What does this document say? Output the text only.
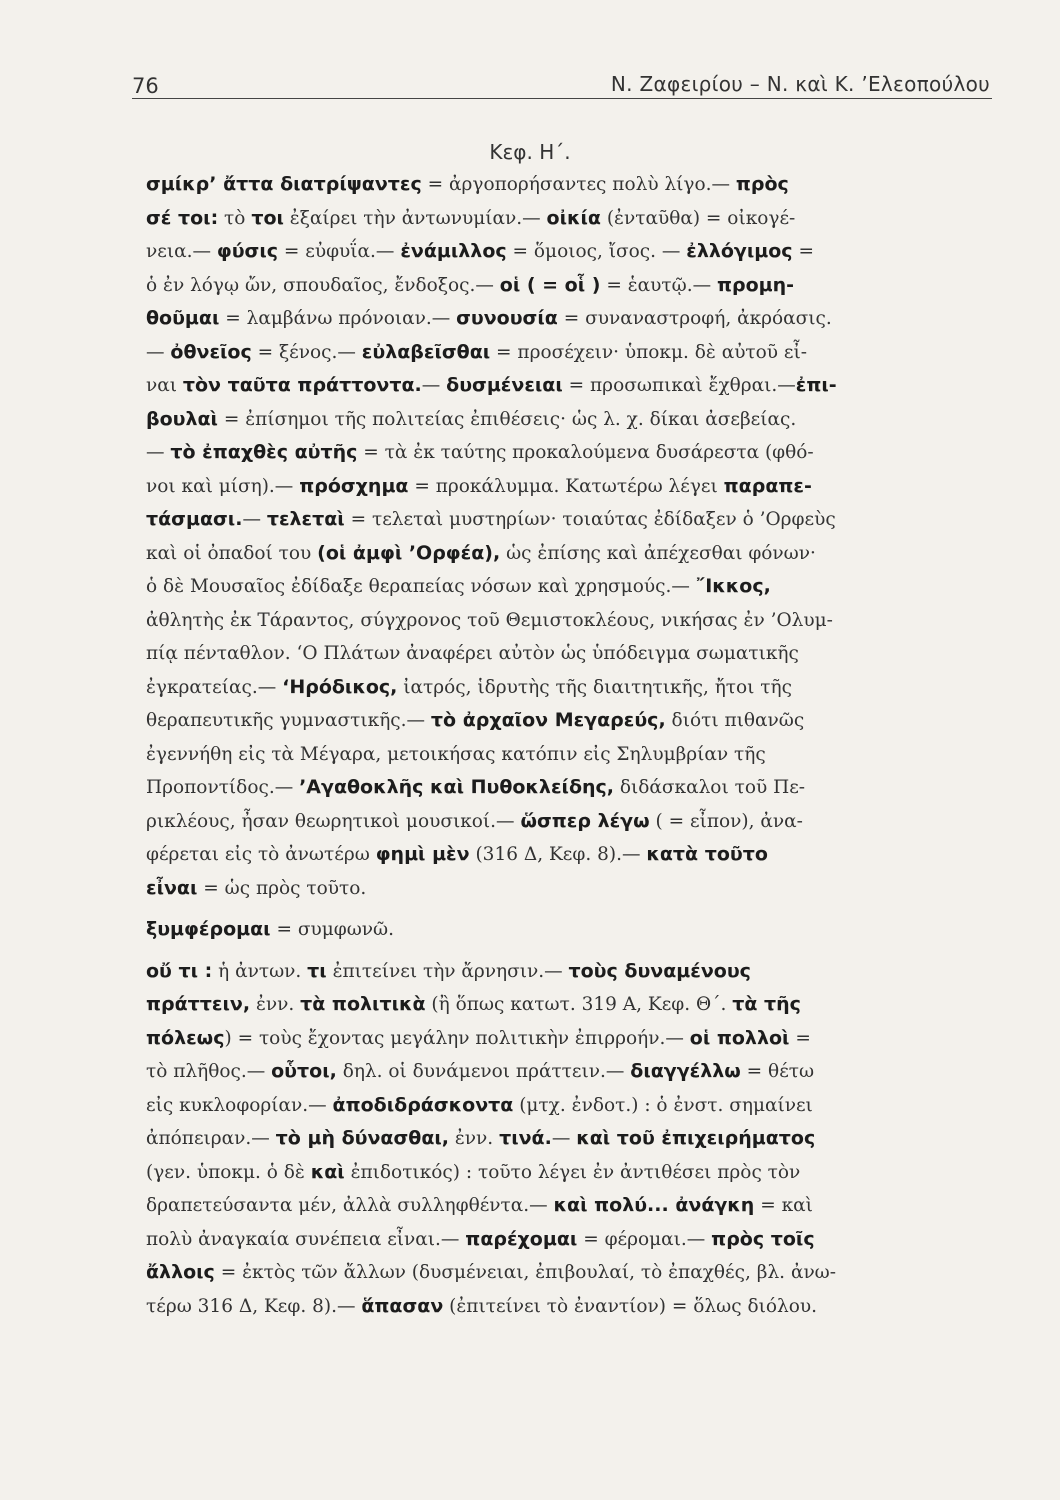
76	Ν. Ζαφειρίου – Ν. καὶ Κ. ’Ελεοπούλου
Κεφ. Η΄.
σμίκρ’ ἄττα διατρίψαντες = ἀργοπορήσαντες πολὺ λίγο.— πρὸς
σέ τοι: τὸ τοι ἐξαίρει τὴν ἀντωνυμίαν.— οἰκία (ἐνταῦθα) = οἰκογέ-
νεια.— φύσις = εὐφυΐα.— ἐνάμιλλος = ὅμοιος, ἴσος. — ἐλλόγιμος =
ὁ ἐν λόγῳ ὤν, σπουδαῖος, ἔνδοξος.— οἱ ( = οἷ ) = ἑαυτῷ.— προμη-
θοῦμαι = λαμβάνω πρόνοιαν.— συνουσία = συναναστροφή, ἀκρόασις.
— ὀθνεῖος = ξένος.— εὐλαβεῖσθαι = προσέχειν· ὑποκμ. δὲ αὐτοῦ εἶ-
ναι τὸν ταῦτα πράττοντα.— δυσμένειαι = προσωπικαὶ ἔχθραι.—ἐπι-
βουλαὶ = ἐπίσημοι τῆς πολιτείας ἐπιθέσεις· ὡς λ. χ. δίκαι ἀσεβείας.
— τὸ ἐπαχθὲς αὐτῆς = τὰ ἐκ ταύτης προκαλούμενα δυσάρεστα (φθό-
νοι καὶ μίση).— πρόσχημα = προκάλυμμα. Κατωτέρω λέγει παραπε-
τάσμασι.— τελεταὶ = τελεταὶ μυστηρίων· τοιαύτας ἐδίδαξεν ὁ ’Ορφεὺς
καὶ οἱ ὀπαδοί του (οἱ ἀμφὶ ’Ορφέα), ὡς ἐπίσης καὶ ἀπέχεσθαι φόνων·
ὁ δὲ Μουσαῖος ἐδίδαξε θεραπείας νόσων καὶ χρησμούς.— ῎Ικκος,
ἀθλητὴς ἐκ Τάραντος, σύγχρονος τοῦ Θεμιστοκλέους, νικήσας ἐν ’Ολυμ-
πίᾳ πένταθλον. ‘Ο Πλάτων ἀναφέρει αὐτὸν ὡς ὑπόδειγμα σωματικῆς
ἐγκρατείας.— ‘Ηρόδικος, ἰατρός, ἱδρυτὴς τῆς διαιτητικῆς, ἤτοι τῆς
θεραπευτικῆς γυμναστικῆς.— τὸ ἀρχαῖον Μεγαρεύς, διότι πιθανῶς
ἐγεννήθη εἰς τὰ Μέγαρα, μετοικήσας κατόπιν εἰς Σηλυμβρίαν τῆς
Προποντίδος.— ’Αγαθοκλῆς καὶ Πυθοκλείδης, διδάσκαλοι τοῦ Πε-
ρικλέους, ἦσαν θεωρητικοὶ μουσικοί.— ὥσπερ λέγω ( = εἶπον), ἀνα-
φέρεται εἰς τὸ ἀνωτέρω φημὶ μὲν (316 Δ, Κεφ. 8).— κατὰ τοῦτο
εἶναι = ὡς πρὸς τοῦτο.
ξυμφέρομαι = συμφωνῶ.
οὔ τι : ἡ ἀντων. τι ἐπιτείνει τὴν ἄρνησιν.— τοὺς δυναμένους
πράττειν, ἐνν. τὰ πολιτικὰ (ἢ ὅπως κατωτ. 319 Α, Κεφ. Θ΄. τὰ τῆς
πόλεως) = τοὺς ἔχοντας μεγάλην πολιτικὴν ἐπιρροήν.— οἱ πολλοὶ =
τὸ πλῆθος.— οὗτοι, δηλ. οἱ δυνάμενοι πράττειν.— διαγγέλλω = θέτω
εἰς κυκλοφορίαν.— ἀποδιδράσκοντα (μτχ. ἐνδοτ.) : ὁ ἐνστ. σημαίνει
ἀπόπειραν.— τὸ μὴ δύνασθαι, ἐνν. τινά.— καὶ τοῦ ἐπιχειρήματος
(γεν. ὑποκμ. ὁ δὲ καὶ ἐπιδοτικός) : τοῦτο λέγει ἐν ἀντιθέσει πρὸς τὸν
δραπετεύσαντα μέν, ἀλλὰ συλληφθέντα.— καὶ πολύ... ἀνάγκη = καὶ
πολὺ ἀναγκαία συνέπεια εἶναι.— παρέχομαι = φέρομαι.— πρὸς τοῖς
ἄλλοις = ἐκτὸς τῶν ἄλλων (δυσμένειαι, ἐπιβουλαί, τὸ ἐπαχθές, βλ. ἀνω-
τέρω 316 Δ, Κεφ. 8).— ἅπασαν (ἐπιτείνει τὸ ἐναντίον) = ὅλως διόλου.
